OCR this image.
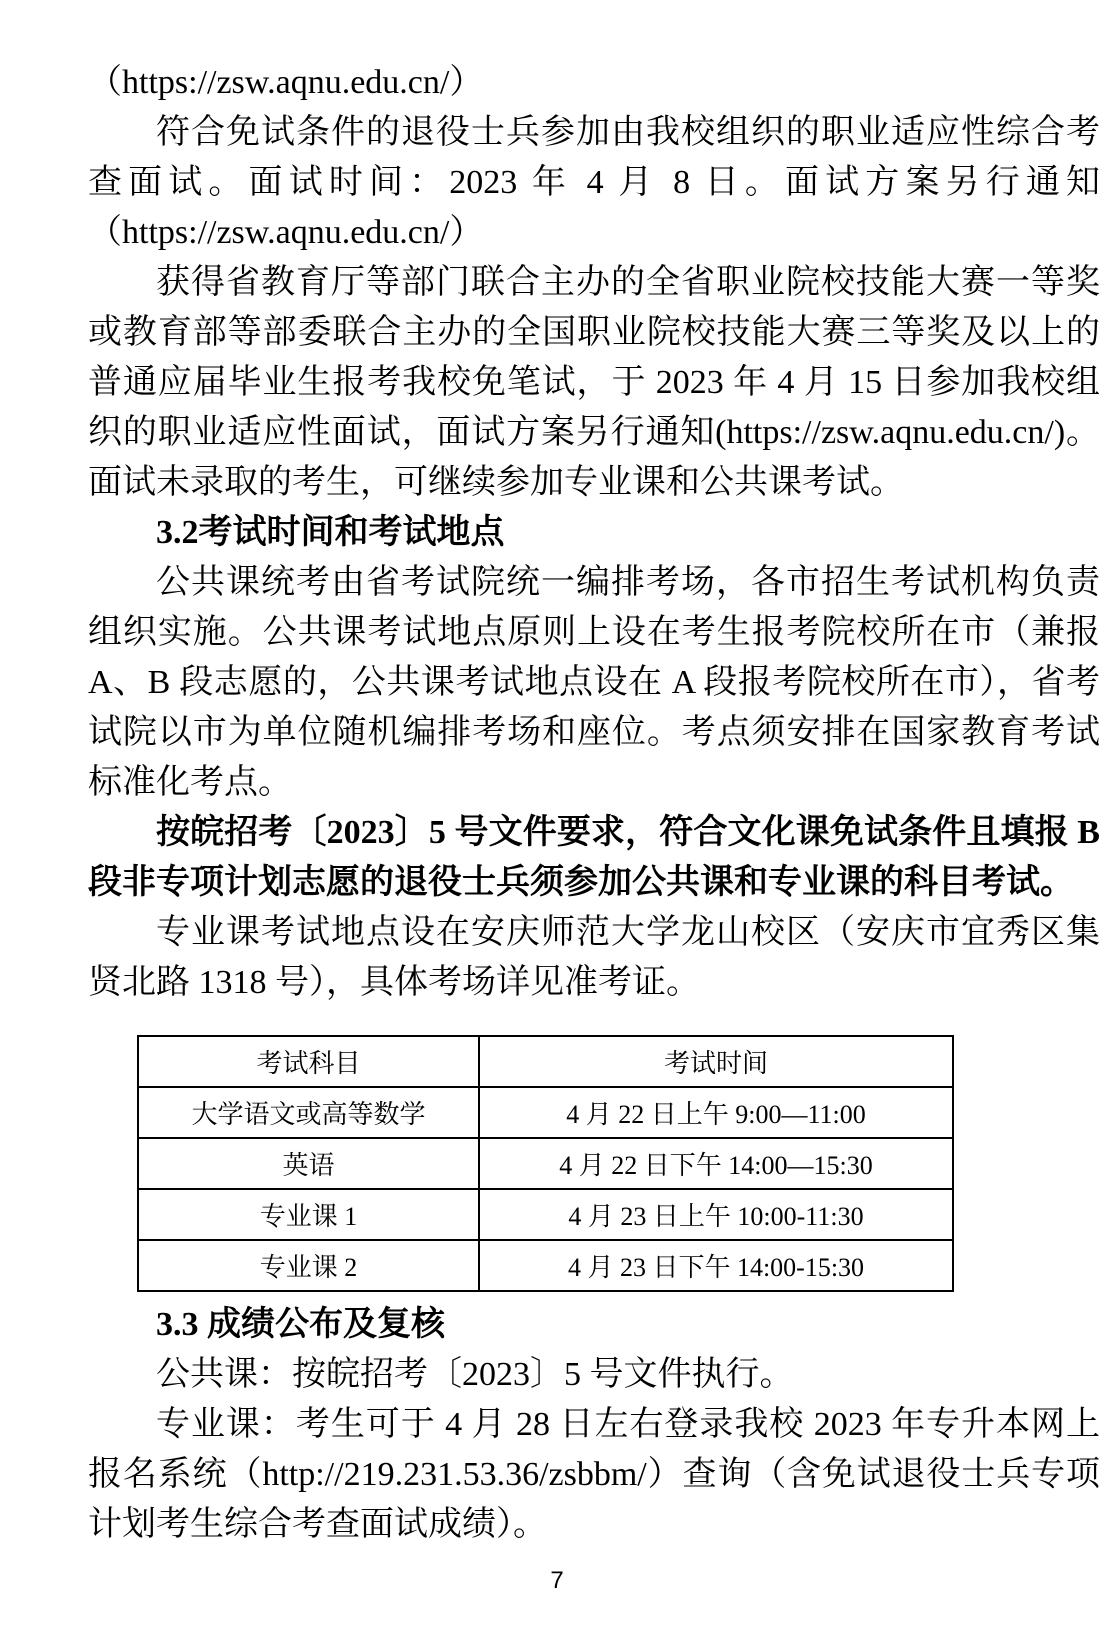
（https://zsw.aqnu.edu.cn/）

符合免试条件的退役士兵参加由我校组织的职业适应性综合考查面试。面试时间：2023 年 4 月 8 日。面试方案另行通知（https://zsw.aqnu.edu.cn/）

获得省教育厅等部门联合主办的全省职业院校技能大赛一等奖或教育部等部委联合主办的全国职业院校技能大赛三等奖及以上的普通应届毕业生报考我校免笔试，于 2023 年 4 月 15 日参加我校组织的职业适应性面试，面试方案另行通知(https://zsw.aqnu.edu.cn/)。面试未录取的考生，可继续参加专业课和公共课考试。

3.2考试时间和考试地点

公共课统考由省考试院统一编排考场，各市招生考试机构负责组织实施。公共课考试地点原则上设在考生报考院校所在市（兼报 A、B 段志愿的，公共课考试地点设在 A 段报考院校所在市），省考试院以市为单位随机编排考场和座位。考点须安排在国家教育考试标准化考点。

按皖招考〔2023〕5 号文件要求，符合文化课免试条件且填报 B 段非专项计划志愿的退役士兵须参加公共课和专业课的科目考试。

专业课考试地点设在安庆师范大学龙山校区（安庆市宜秀区集贤北路 1318 号），具体考场详见准考证。

考试科目	考试时间
大学语文或高等数学	4 月 22 日上午 9:00—11:00
英语	4 月 22 日下午 14:00—15:30
专业课 1	4 月 23 日上午 10:00-11:30
专业课 2	4 月 23 日下午 14:00-15:30

3.3 成绩公布及复核

公共课：按皖招考〔2023〕5 号文件执行。

专业课：考生可于 4 月 28 日左右登录我校 2023 年专升本网上报名系统（http://219.231.53.36/zsbbm/）查询（含免试退役士兵专项计划考生综合考查面试成绩）。

7
